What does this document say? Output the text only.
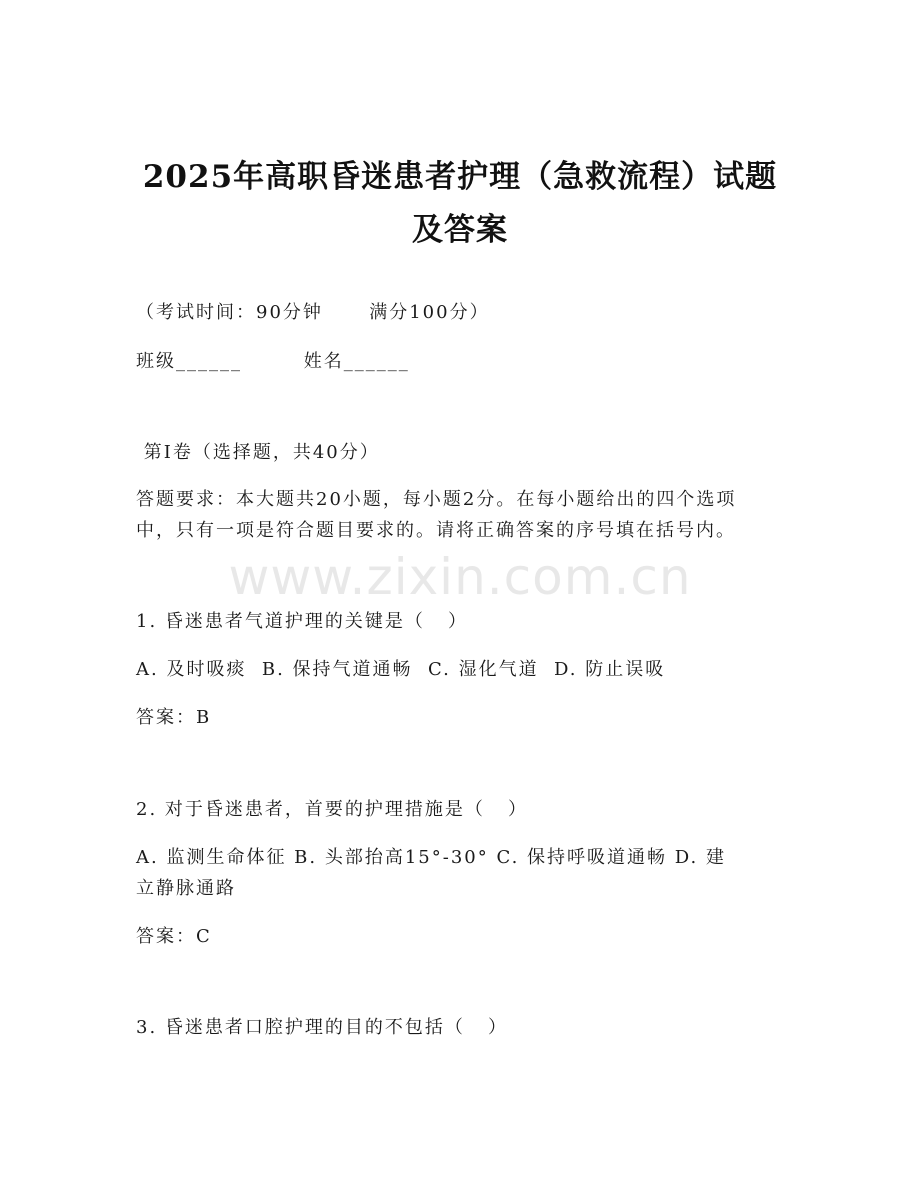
2025年高职昏迷患者护理（急救流程）试题
及答案
（考试时间：90分钟      满分100分）
班级______        姓名______
第Ⅰ卷（选择题，共40分）
答题要求：本大题共20小题，每小题2分。在每小题给出的四个选项
中，只有一项是符合题目要求的。请将正确答案的序号填在括号内。
www.zixin.com.cn
1. 昏迷患者气道护理的关键是（   ）
A. 及时吸痰  B. 保持气道通畅  C. 湿化气道  D. 防止误吸
答案：B
2. 对于昏迷患者，首要的护理措施是（   ）
A. 监测生命体征 B. 头部抬高15°-30° C. 保持呼吸道通畅 D. 建
立静脉通路
答案：C
3. 昏迷患者口腔护理的目的不包括（   ）
